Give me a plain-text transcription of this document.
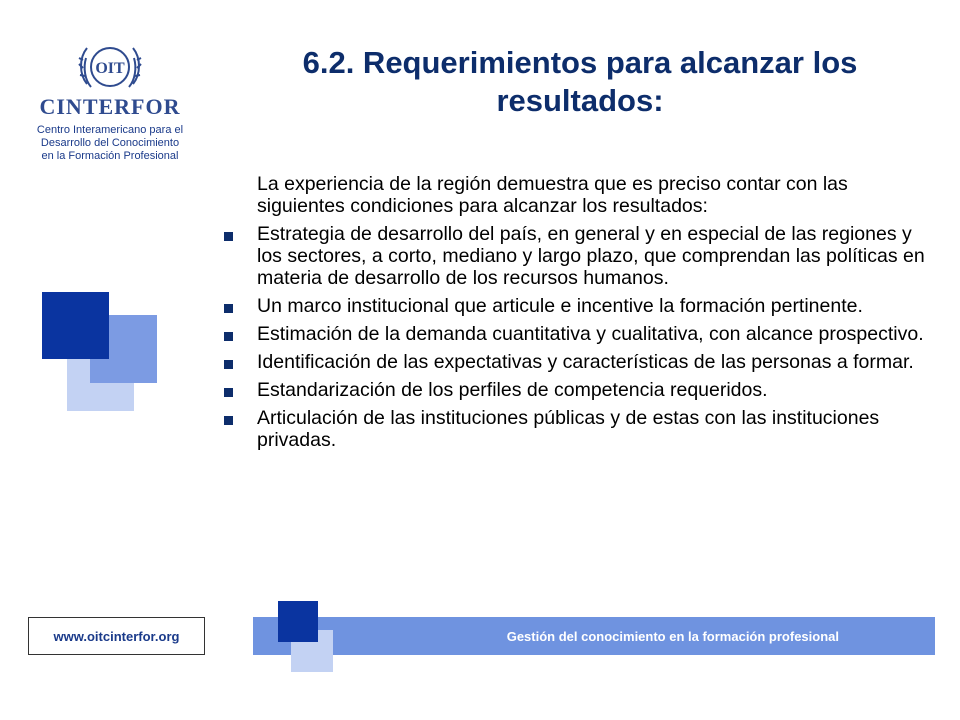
OIT
CINTERFOR
Centro Interamericano para el
Desarrollo del Conocimiento
en la Formación Profesional
6.2. Requerimientos para alcanzar los resultados:

La experiencia de la región demuestra que es preciso contar con las siguientes condiciones para alcanzar los resultados:

Estrategia de desarrollo del país, en general y en especial de las regiones y los sectores, a corto, mediano y largo plazo, que comprendan las políticas en materia de desarrollo de los recursos humanos.
Un marco institucional que articule e incentive la formación pertinente.
Estimación de la demanda cuantitativa y cualitativa, con alcance prospectivo.
Identificación de las expectativas y características de las personas a formar.
Estandarización de los perfiles de competencia requeridos.
Articulación de las instituciones públicas y de estas con las instituciones privadas.
www.oitcinterfor.org	Gestión del conocimiento en la formación profesional
